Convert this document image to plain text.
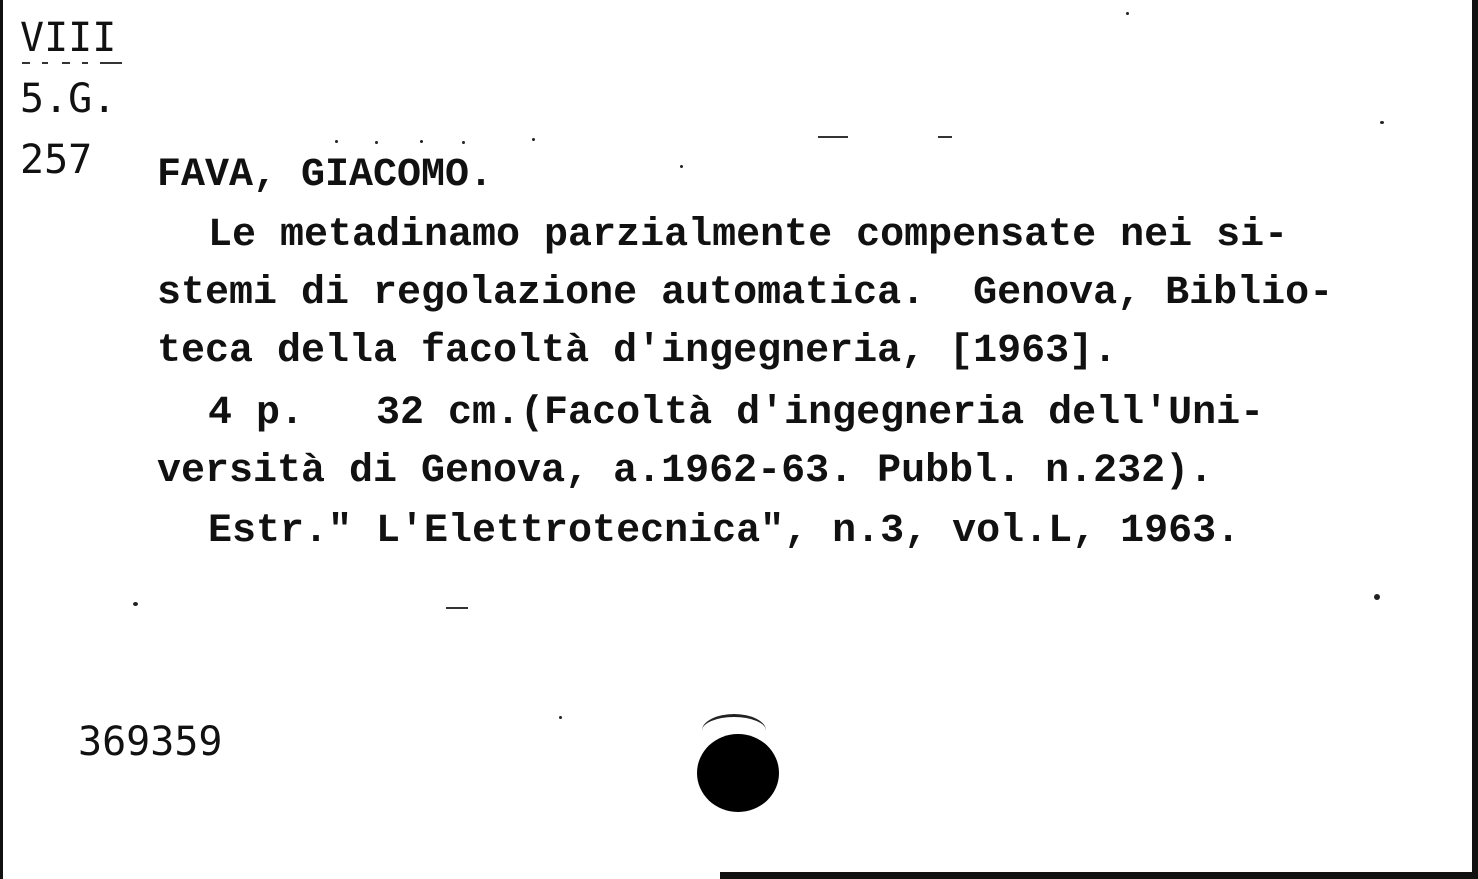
VIII
5.G.
257 FAVA, GIACOMO.
Le metadinamo parzialmente compensate nei si-
stemi di regolazione automatica.  Genova, Biblio-
teca della facoltà d'ingegneria, [1963].
4 p.   32 cm.(Facoltà d'ingegneria dell'Uni-
versità di Genova, a.1962-63. Pubbl. n.232).
Estr." L'Elettrotecnica", n.3, vol.L, 1963.
369359
